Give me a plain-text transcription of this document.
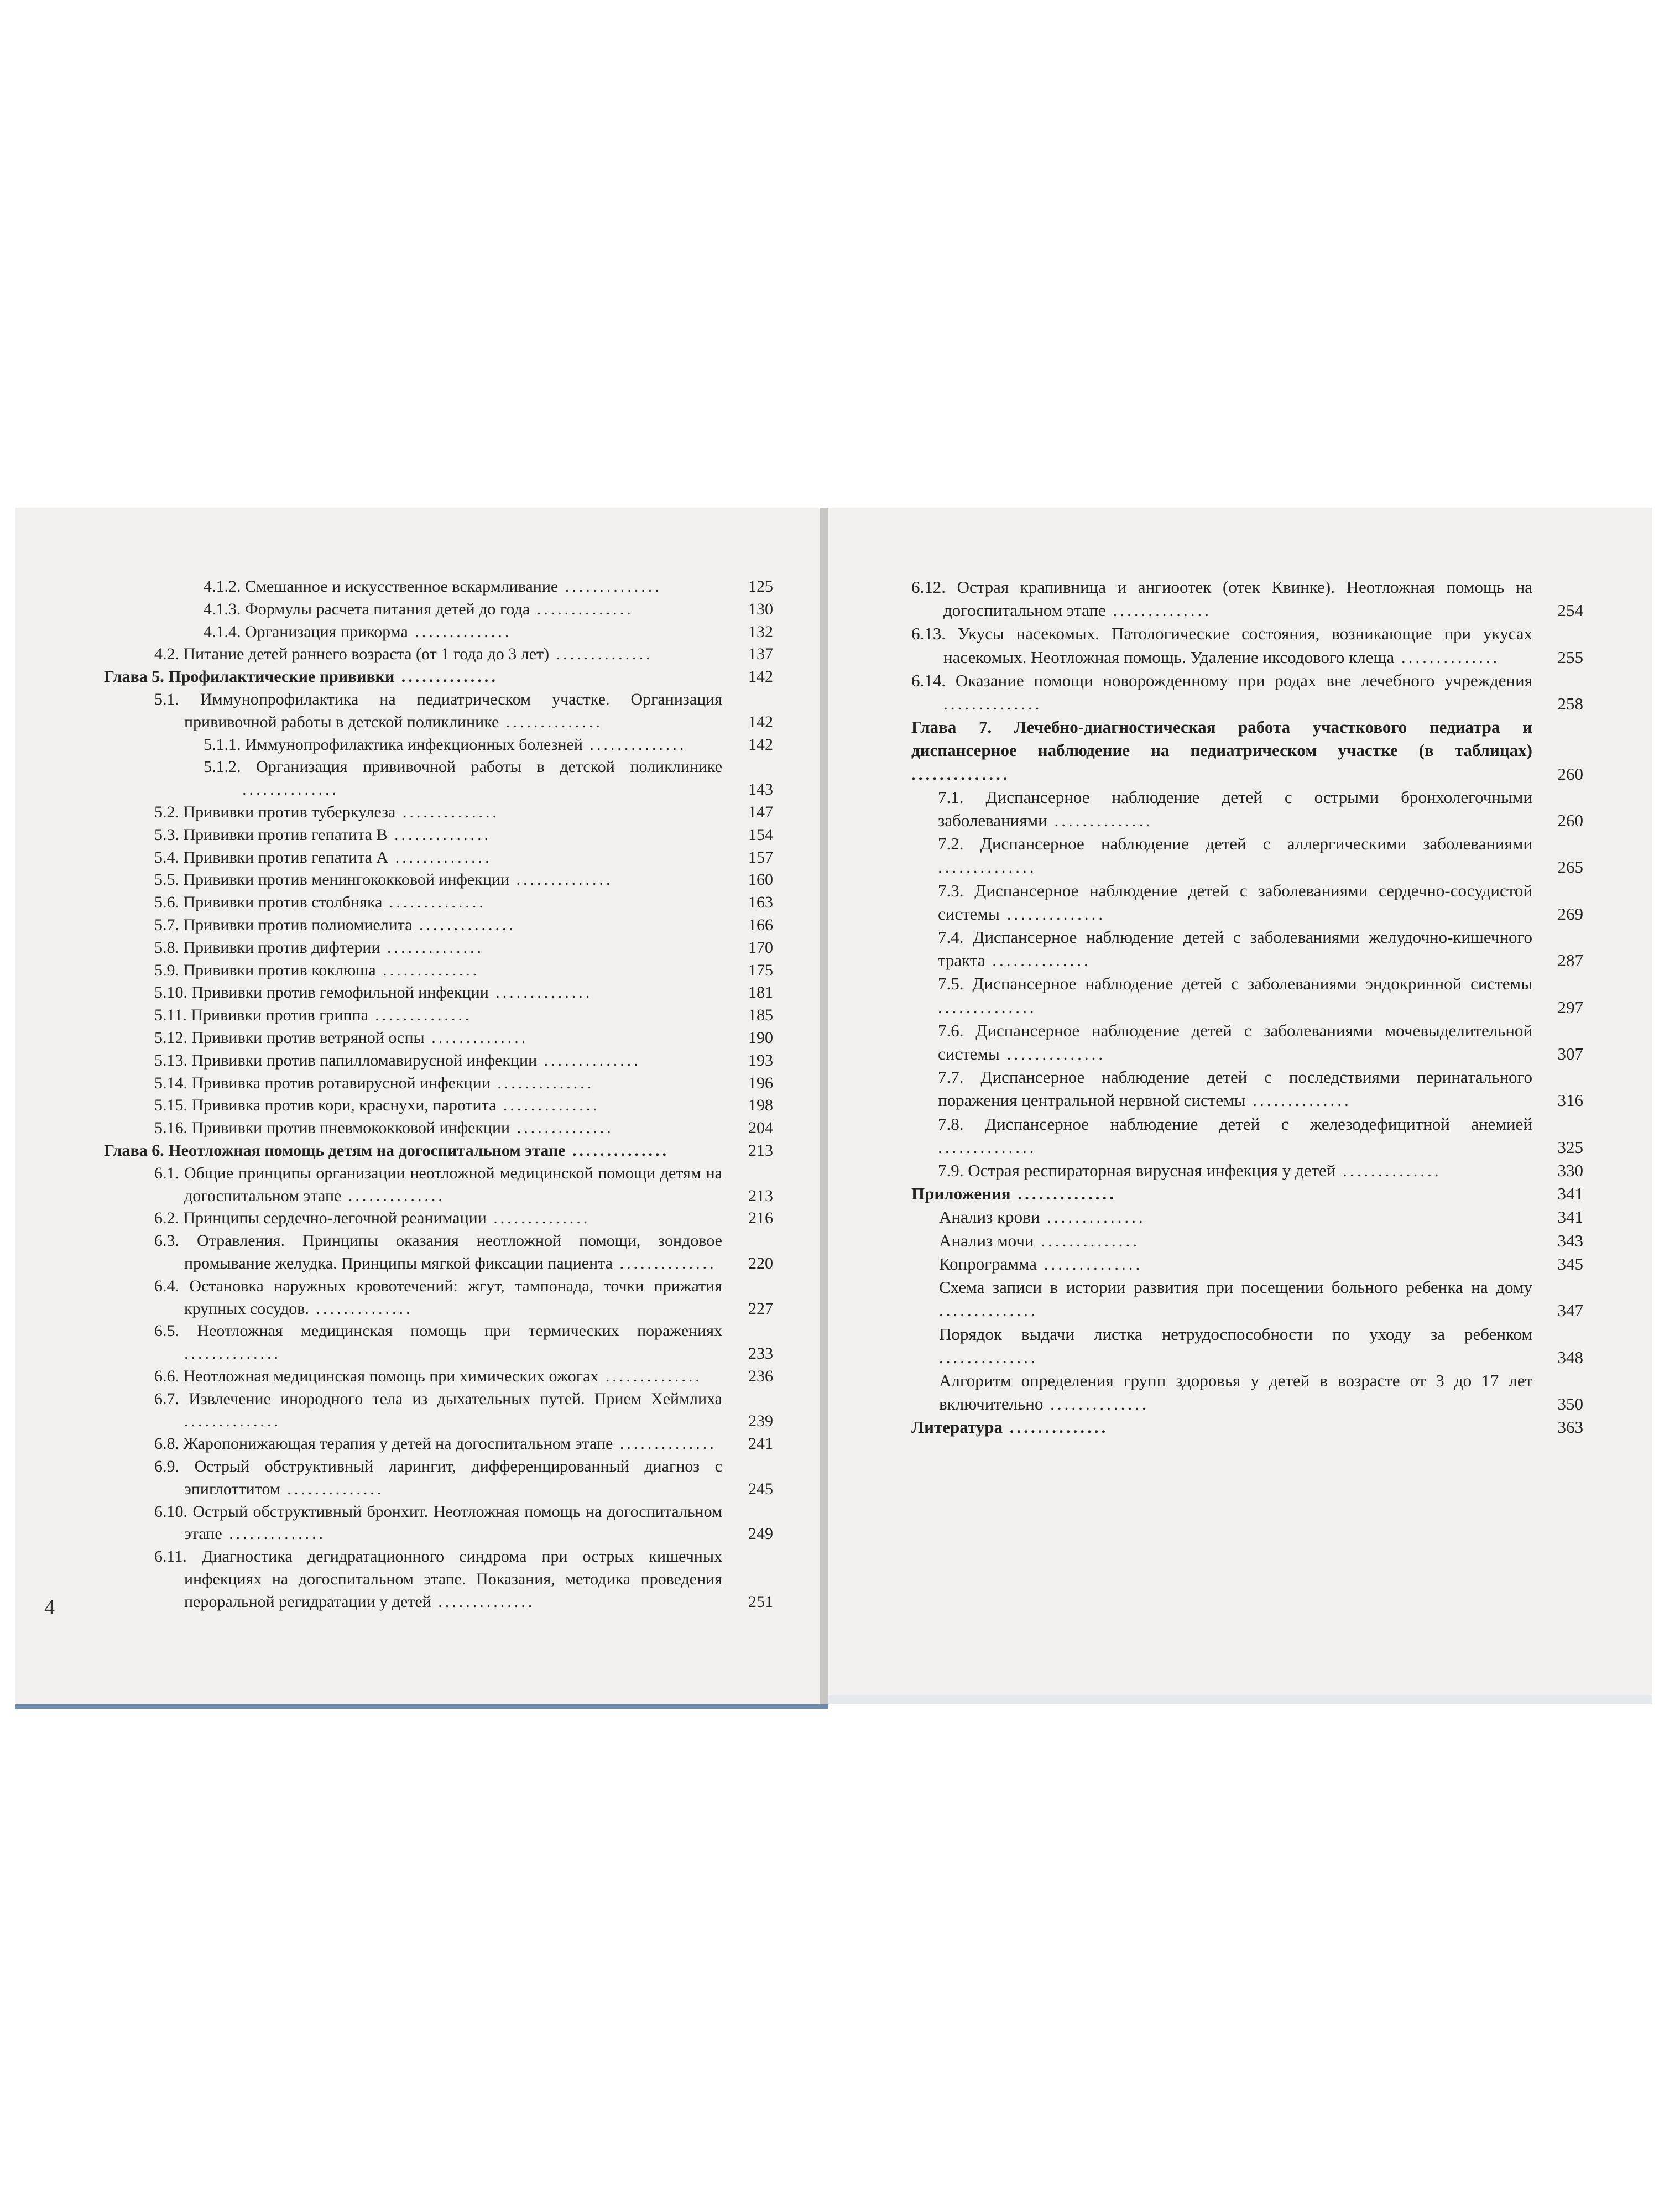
4.1.2. Смешанное и искусственное вскармливание ..............	125
4.1.3. Формулы расчета питания детей до года ..............	130
4.1.4. Организация прикорма ..............	132
4.2. Питание детей раннего возраста (от 1 года до 3 лет) ..............	137
Глава 5. Профилактические прививки ..............	142
5.1. Иммунопрофилактика на педиатрическом участке. Организация прививочной работы в детской поликлинике ..............	142
5.1.1. Иммунопрофилактика инфекционных болезней ..............	142
5.1.2. Организация прививочной работы в детской поликлинике ..............	143
5.2. Прививки против туберкулеза ..............	147
5.3. Прививки против гепатита В ..............	154
5.4. Прививки против гепатита А ..............	157
5.5. Прививки против менингококковой инфекции ..............	160
5.6. Прививки против столбняка ..............	163
5.7. Прививки против полиомиелита ..............	166
5.8. Прививки против дифтерии ..............	170
5.9. Прививки против коклюша ..............	175
5.10. Прививки против гемофильной инфекции ..............	181
5.11. Прививки против гриппа ..............	185
5.12. Прививки против ветряной оспы ..............	190
5.13. Прививки против папилломавирусной инфекции ..............	193
5.14. Прививка против ротавирусной инфекции ..............	196
5.15. Прививка против кори, краснухи, паротита ..............	198
5.16. Прививки против пневмококковой инфекции ..............	204
Глава 6. Неотложная помощь детям на догоспитальном этапе ..............	213
6.1. Общие принципы организации неотложной медицинской помощи детям на догоспитальном этапе ..............	213
6.2. Принципы сердечно-легочной реанимации ..............	216
6.3. Отравления. Принципы оказания неотложной помощи, зондовое промывание желудка. Принципы мягкой фиксации пациента ..............	220
6.4. Остановка наружных кровотечений: жгут, тампонада, точки прижатия крупных сосудов. ..............	227
6.5. Неотложная медицинская помощь при термических поражениях ..............	233
6.6. Неотложная медицинская помощь при химических ожогах ..............	236
6.7. Извлечение инородного тела из дыхательных путей. Прием Хеймлиха ..............	239
6.8. Жаропонижающая терапия у детей на догоспитальном этапе ..............	241
6.9. Острый обструктивный ларингит, дифференцированный диагноз с эпиглоттитом ..............	245
6.10. Острый обструктивный бронхит. Неотложная помощь на догоспитальном этапе ..............	249
6.11. Диагностика дегидратационного синдрома при острых кишечных инфекциях на догоспитальном этапе. Показания, методика проведения пероральной регидратации у детей ..............	251
4
6.12. Острая крапивница и ангиоотек (отек Квинке). Неотложная помощь на догоспитальном этапе ..............	254
6.13. Укусы насекомых. Патологические состояния, возникающие при укусах насекомых. Неотложная помощь. Удаление иксодового клеща ..............	255
6.14. Оказание помощи новорожденному при родах вне лечебного учреждения ..............	258
Глава 7. Лечебно-диагностическая работа участкового педиатра и диспансерное наблюдение на педиатрическом участке (в таблицах) ..............	260
7.1. Диспансерное наблюдение детей с острыми бронхолегочными заболеваниями ..............	260
7.2. Диспансерное наблюдение детей с аллергическими заболеваниями ..............	265
7.3. Диспансерное наблюдение детей с заболеваниями сердечно-сосудистой системы ..............	269
7.4. Диспансерное наблюдение детей с заболеваниями желудочно-кишечного тракта ..............	287
7.5. Диспансерное наблюдение детей с заболеваниями эндокринной системы ..............	297
7.6. Диспансерное наблюдение детей с заболеваниями мочевыделительной системы ..............	307
7.7. Диспансерное наблюдение детей с последствиями перинатального поражения центральной нервной системы ..............	316
7.8. Диспансерное наблюдение детей с железодефицитной анемией ..............	325
7.9. Острая респираторная вирусная инфекция у детей ..............	330
Приложения ..............	341
Анализ крови ..............	341
Анализ мочи ..............	343
Копрограмма ..............	345
Схема записи в истории развития при посещении больного ребенка на дому ..............	347
Порядок выдачи листка нетрудоспособности по уходу за ребенком ..............	348
Алгоритм определения групп здоровья у детей в возрасте от 3 до 17 лет включительно ..............	350
Литература ..............	363
